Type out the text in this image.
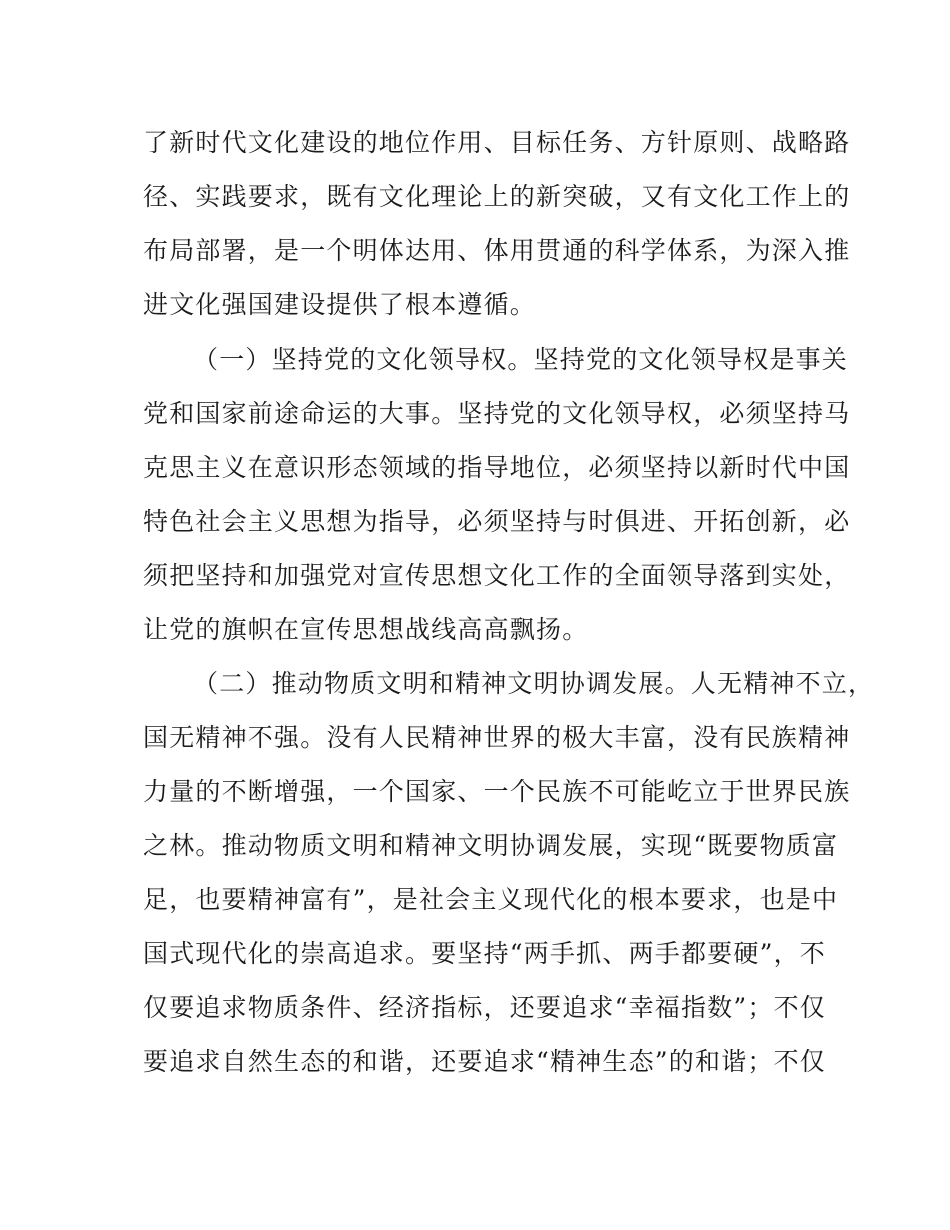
了新时代文化建设的地位作用、目标任务、方针原则、战略路
径、实践要求，既有文化理论上的新突破，又有文化工作上的
布局部署，是一个明体达用、体用贯通的科学体系，为深入推
进文化强国建设提供了根本遵循。
（一）坚持党的文化领导权。坚持党的文化领导权是事关
党和国家前途命运的大事。坚持党的文化领导权，必须坚持马
克思主义在意识形态领域的指导地位，必须坚持以新时代中国
特色社会主义思想为指导，必须坚持与时俱进、开拓创新，必
须把坚持和加强党对宣传思想文化工作的全面领导落到实处，
让党的旗帜在宣传思想战线高高飘扬。
（二）推动物质文明和精神文明协调发展。人无精神不立，
国无精神不强。没有人民精神世界的极大丰富，没有民族精神
力量的不断增强，一个国家、一个民族不可能屹立于世界民族
之林。推动物质文明和精神文明协调发展，实现“既要物质富
足，也要精神富有”，是社会主义现代化的根本要求，也是中
国式现代化的崇高追求。要坚持“两手抓、两手都要硬”，不
仅要追求物质条件、经济指标，还要追求“幸福指数”；不仅
要追求自然生态的和谐，还要追求“精神生态”的和谐；不仅
